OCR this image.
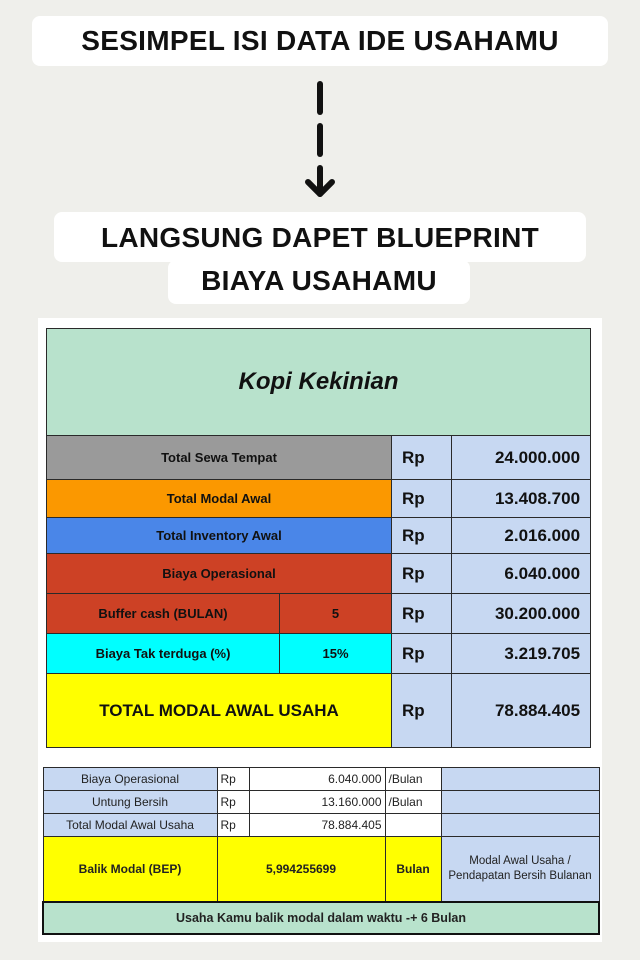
SESIMPEL ISI DATA IDE USAHAMU
LANGSUNG DAPET BLUEPRINT
BIAYA USAHAMU
Kopi Kekinian			
Total Sewa Tempat		Rp	24.000.000
Total Modal Awal		Rp	13.408.700
Total Inventory Awal		Rp	2.016.000
Biaya Operasional		Rp	6.040.000
Buffer cash (BULAN)	5	Rp	30.200.000
Biaya Tak terduga (%)	15%	Rp	3.219.705
TOTAL MODAL AWAL USAHA		Rp	78.884.405
Biaya Operasional	Rp	6.040.000	/Bulan	
Untung Bersih	Rp	13.160.000	/Bulan	
Total Modal Awal Usaha	Rp	78.884.405		
Balik Modal (BEP)	5,994255699		Bulan	Modal Awal Usaha / Pendapatan Bersih Bulanan
Usaha Kamu balik modal dalam waktu -+ 6 Bulan				
